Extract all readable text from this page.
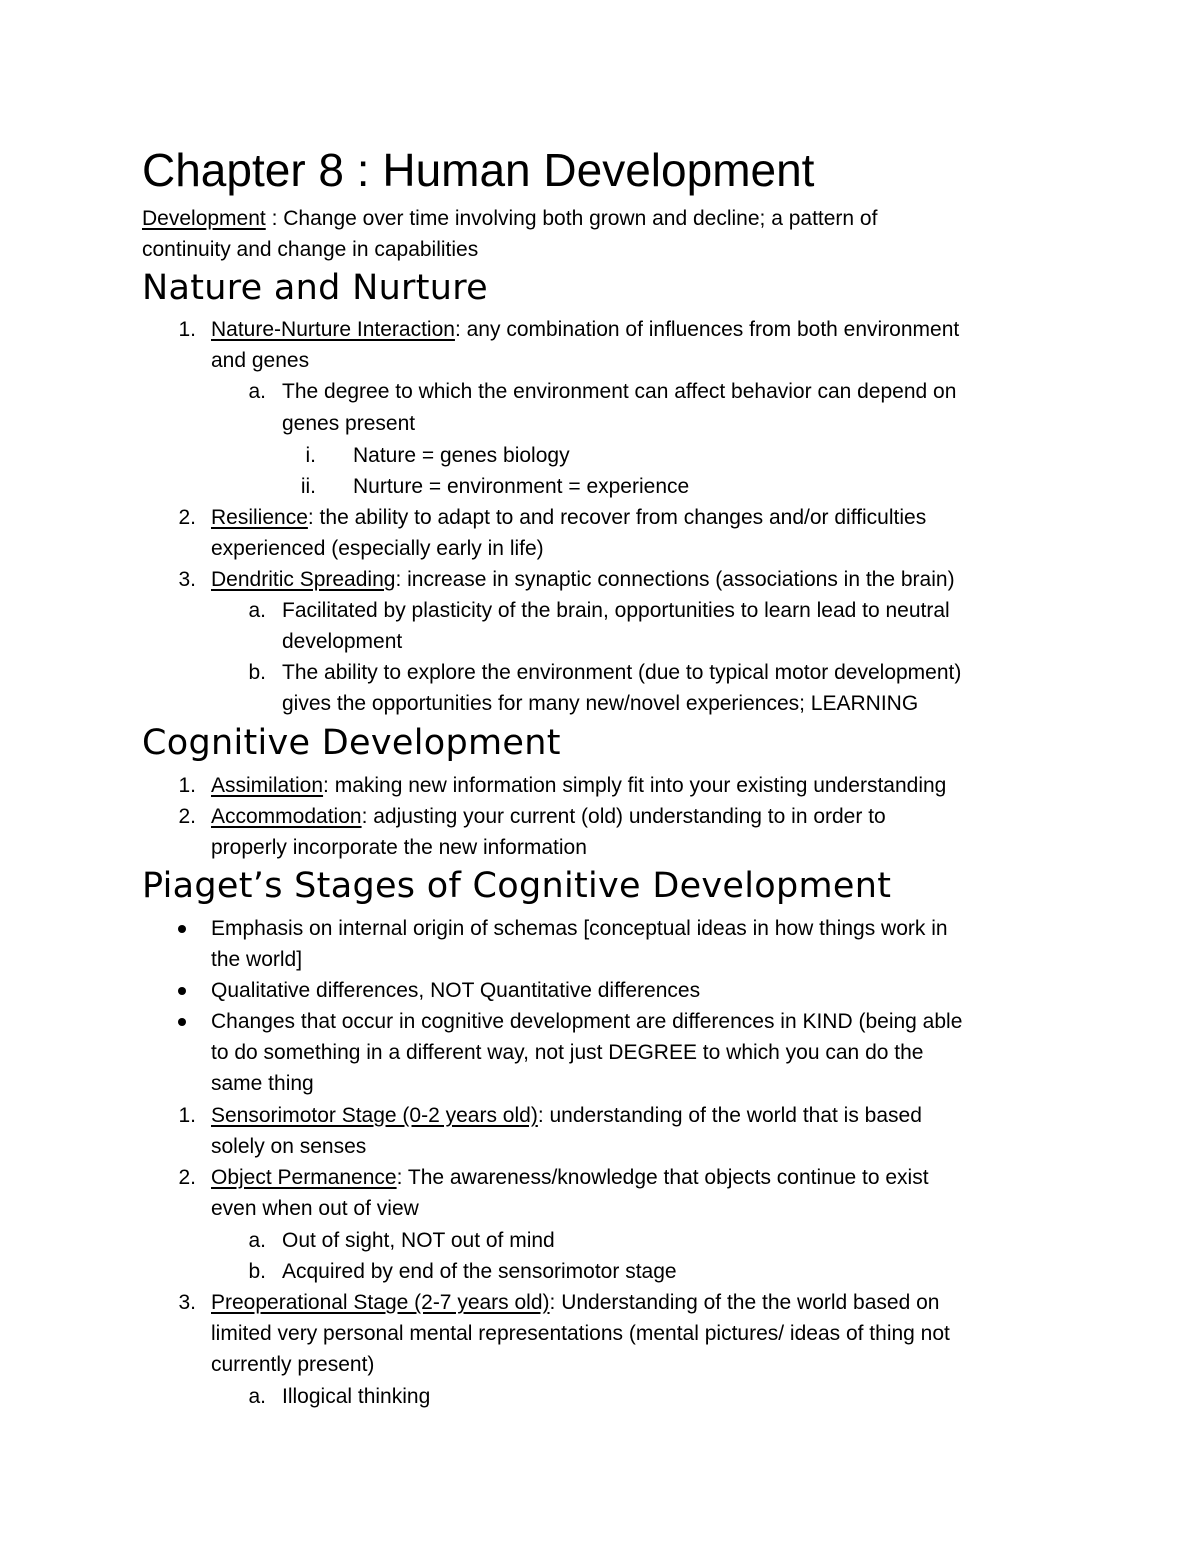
Chapter 8 : Human Development
Development : Change over time involving both grown and decline; a pattern of
continuity and change in capabilities
Nature and Nurture
1. Nature-Nurture Interaction: any combination of influences from both environment
and genes
a. The degree to which the environment can affect behavior can depend on
genes present
i. Nature = genes biology
ii. Nurture = environment = experience
2. Resilience: the ability to adapt to and recover from changes and/or difficulties
experienced (especially early in life)
3. Dendritic Spreading: increase in synaptic connections (associations in the brain)
a. Facilitated by plasticity of the brain, opportunities to learn lead to neutral
development
b. The ability to explore the environment (due to typical motor development)
gives the opportunities for many new/novel experiences; LEARNING
Cognitive Development
1. Assimilation: making new information simply fit into your existing understanding
2. Accommodation: adjusting your current (old) understanding to in order to
properly incorporate the new information
Piaget’s Stages of Cognitive Development
Emphasis on internal origin of schemas [conceptual ideas in how things work in
the world]
Qualitative differences, NOT Quantitative differences
Changes that occur in cognitive development are differences in KIND (being able
to do something in a different way, not just DEGREE to which you can do the
same thing
1. Sensorimotor Stage (0-2 years old): understanding of the world that is based
solely on senses
2. Object Permanence: The awareness/knowledge that objects continue to exist
even when out of view
a. Out of sight, NOT out of mind
b. Acquired by end of the sensorimotor stage
3. Preoperational Stage (2-7 years old): Understanding of the the world based on
limited very personal mental representations (mental pictures/ ideas of thing not
currently present)
a. Illogical thinking
